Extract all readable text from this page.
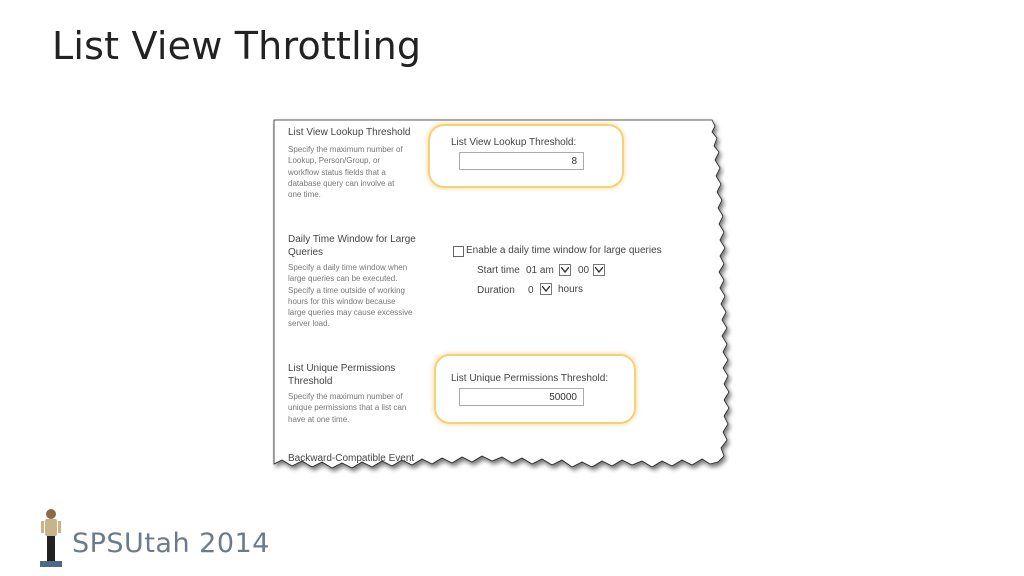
List View Throttling
List View Lookup Threshold
Specify the maximum number of
Lookup, Person/Group, or
workflow status fields that a
database query can involve at
one time.
List View Lookup Threshold:
8
Daily Time Window for Large
Queries
Specify a daily time window when
large queries can be executed.
Specify a time outside of working
hours for this window because
large queries may cause excessive
server load.
Enable a daily time window for large queries
Start time 01 am 00
Duration 0 hours
List Unique Permissions
Threshold
Specify the maximum number of
unique permissions that a list can
have at one time.
List Unique Permissions Threshold:
50000
Backward-Compatible Event
SPSUtah 2014
